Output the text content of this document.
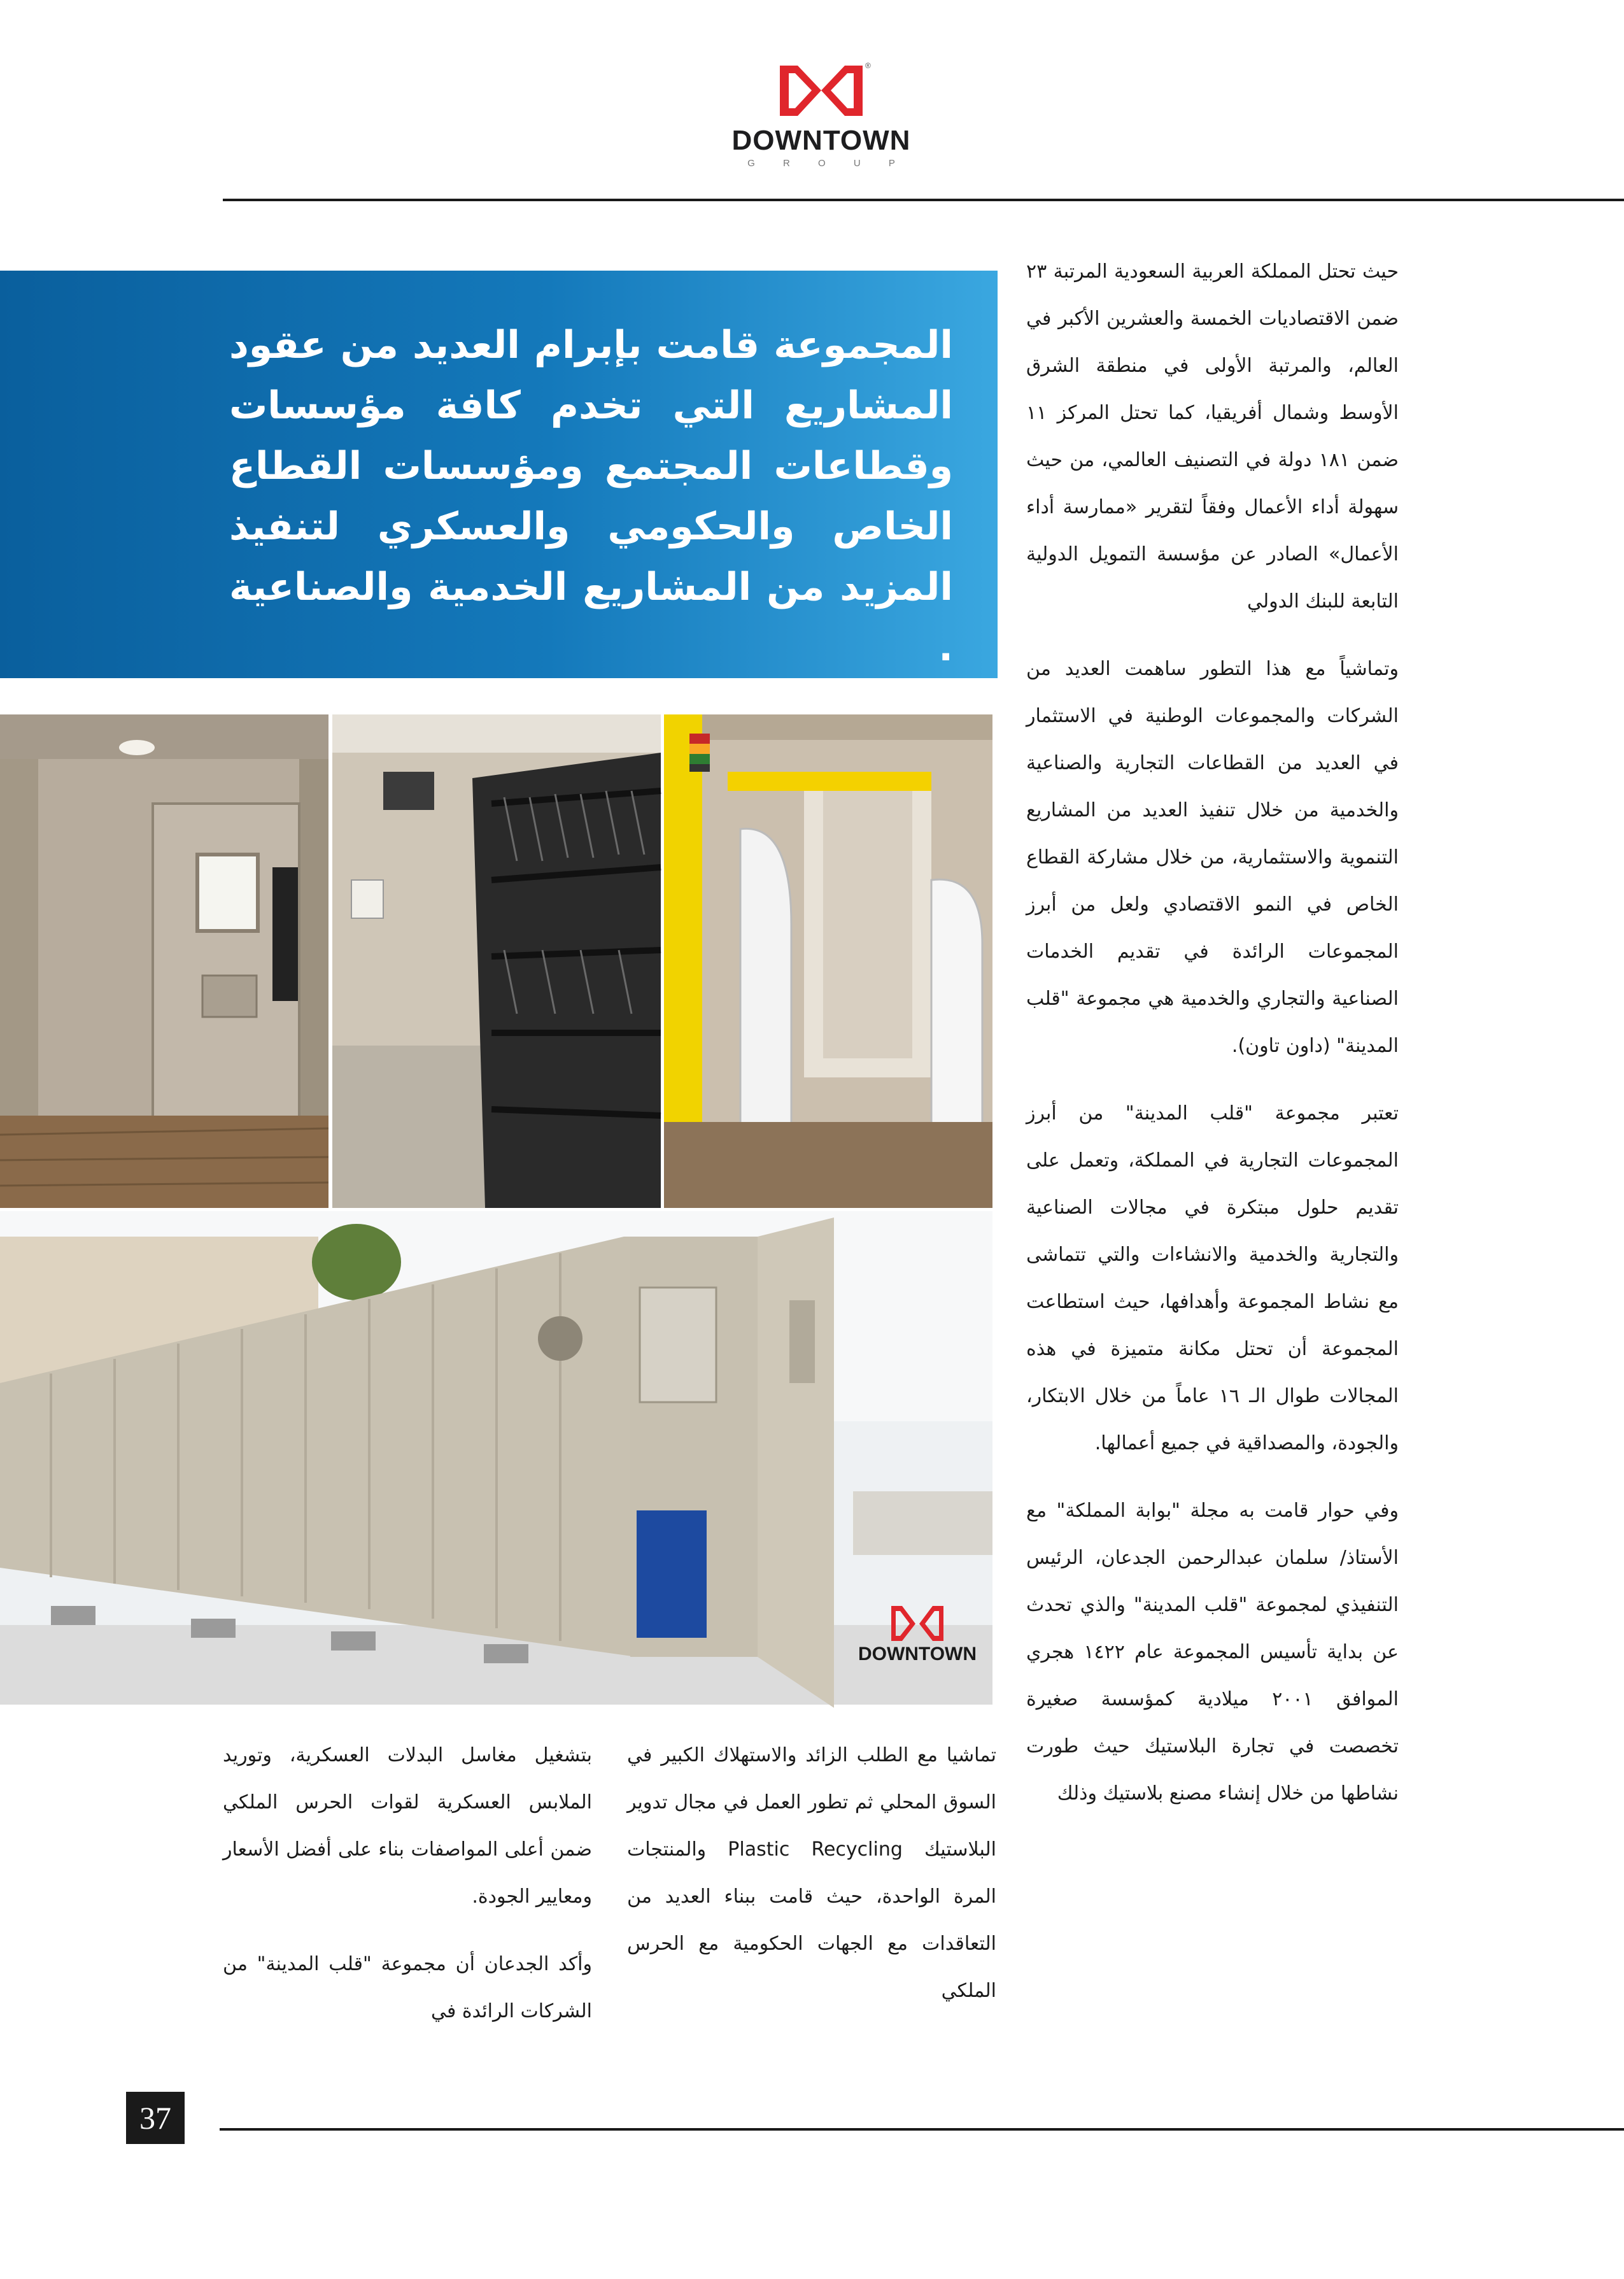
®
DOWNTOWN
G R O U P
المجموعة قامت بإبرام العديد من عقود المشاريع التي تخدم كافة مؤسسات وقطاعات المجتمع ومؤسسات القطاع الخاص والحكومي والعسكري لتنفيذ المزيد من المشاريع الخدمية والصناعية .

حيث تحتل المملكة العربية السعودية المرتبة ٢٣ ضمن الاقتصاديات الخمسة والعشرين الأكبر في العالم، والمرتبة الأولى في منطقة الشرق الأوسط وشمال أفريقيا، كما تحتل المركز ١١ ضمن ١٨١ دولة في التصنيف العالمي، من حيث سهولة أداء الأعمال وفقاً لتقرير «ممارسة أداء الأعمال» الصادر عن مؤسسة التمويل الدولية التابعة للبنك الدولي

وتماشياً مع هذا التطور ساهمت العديد من الشركات والمجموعات الوطنية في الاستثمار في العديد من القطاعات التجارية والصناعية والخدمية من خلال تنفيذ العديد من المشاريع التنموية والاستثمارية، من خلال مشاركة القطاع الخاص في النمو الاقتصادي ولعل من أبرز المجموعات الرائدة في تقديم الخدمات الصناعية والتجاري والخدمية هي مجموعة "قلب المدينة" (داون تاون).

تعتبر مجموعة "قلب المدينة" من أبرز المجموعات التجارية في المملكة، وتعمل على تقديم حلول مبتكرة في مجالات الصناعية والتجارية والخدمية والانشاءات والتي تتماشى مع نشاط المجموعة وأهدافها، حيث استطاعت المجموعة أن تحتل مكانة متميزة في هذه المجالات طوال الـ ١٦ عاماً من خلال الابتكار، والجودة، والمصداقية في جميع أعمالها.

وفي حوار قامت به مجلة "بوابة المملكة" مع الأستاذ/ سلمان عبدالرحمن الجدعان، الرئيس التنفيذي لمجموعة "قلب المدينة" والذي تحدث عن بداية تأسيس المجموعة عام ١٤٢٢ هجري الموافق ٢٠٠١ ميلادية كمؤسسة صغيرة تخصصت في تجارة البلاستيك حيث طورت نشاطها من خلال إنشاء مصنع بلاستيك وذلك

DOWNTOWN

تماشيا مع الطلب الزائد والاستهلاك الكبير في السوق المحلي ثم تطور العمل في مجال تدوير البلاستيك Plastic Recycling والمنتجات المرة الواحدة، حيث قامت ببناء العديد من التعاقدات مع الجهات الحكومية مع الحرس الملكي

بتشغيل مغاسل البدلات العسكرية، وتوريد الملابس العسكرية لقوات الحرس الملكي ضمن أعلى المواصفات بناء على أفضل الأسعار ومعايير الجودة.

وأكد الجدعان أن مجموعة "قلب المدينة" من الشركات الرائدة في

37
